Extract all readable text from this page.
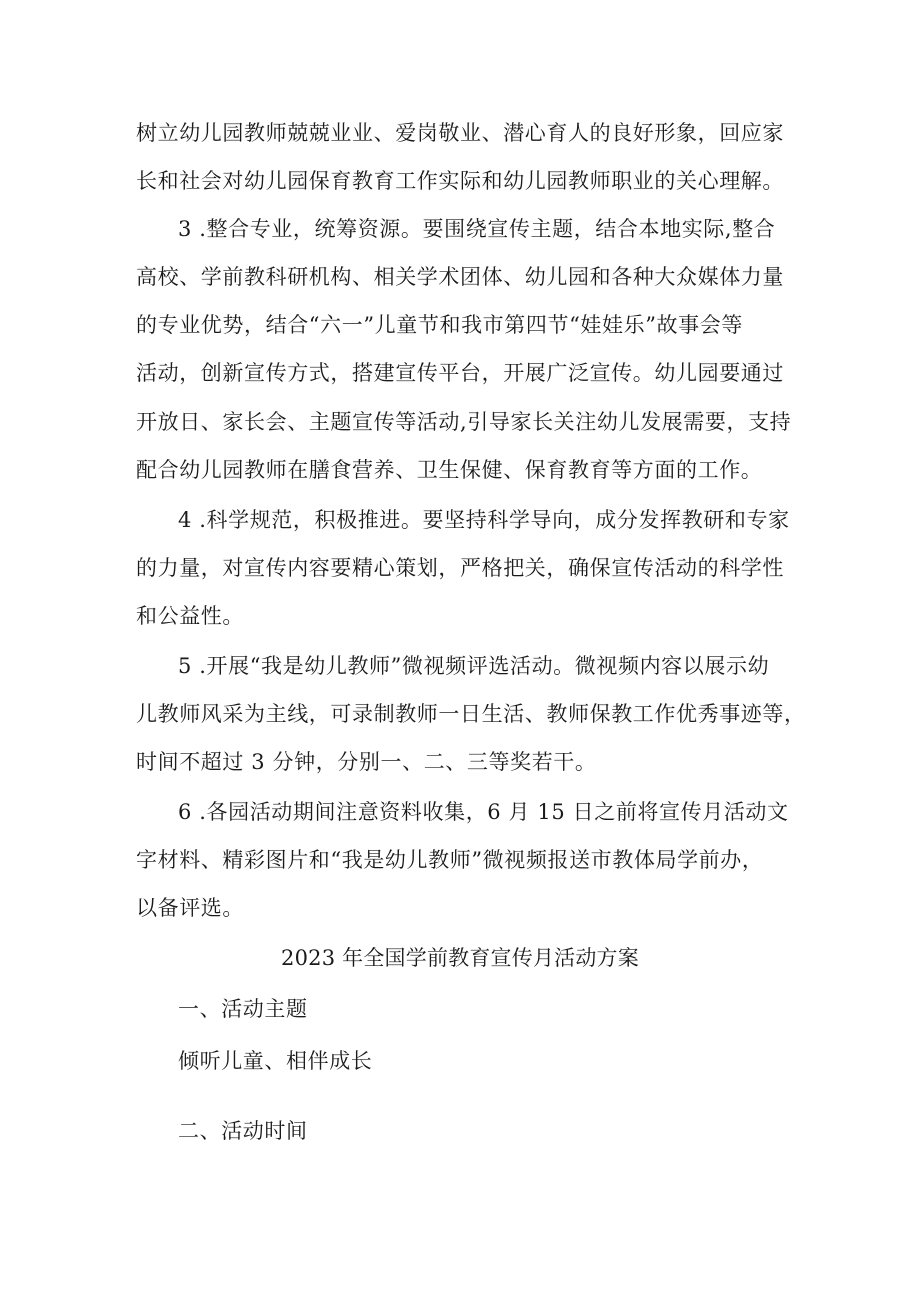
树立幼儿园教师兢兢业业、爱岗敬业、潜心育人的良好形象，回应家
长和社会对幼儿园保育教育工作实际和幼儿园教师职业的关心理解。
3 .整合专业，统筹资源。要围绕宣传主题，结合本地实际,整合
高校、学前教科研机构、相关学术团体、幼儿园和各种大众媒体力量
的专业优势，结合“六一”儿童节和我市第四节“娃娃乐”故事会等
活动，创新宣传方式，搭建宣传平台，开展广泛宣传。幼儿园要通过
开放日、家长会、主题宣传等活动,引导家长关注幼儿发展需要，支持
配合幼儿园教师在膳食营养、卫生保健、保育教育等方面的工作。
4 .科学规范，积极推进。要坚持科学导向，成分发挥教研和专家
的力量，对宣传内容要精心策划，严格把关，确保宣传活动的科学性
和公益性。
5 .开展“我是幼儿教师”微视频评选活动。微视频内容以展示幼
儿教师风采为主线，可录制教师一日生活、教师保教工作优秀事迹等，
时间不超过 3 分钟，分别一、二、三等奖若干。
6 .各园活动期间注意资料收集，6 月 15 日之前将宣传月活动文
字材料、精彩图片和“我是幼儿教师”微视频报送市教体局学前办，
以备评选。
2023 年全国学前教育宣传月活动方案
一、活动主题
倾听儿童、相伴成长
二、活动时间
